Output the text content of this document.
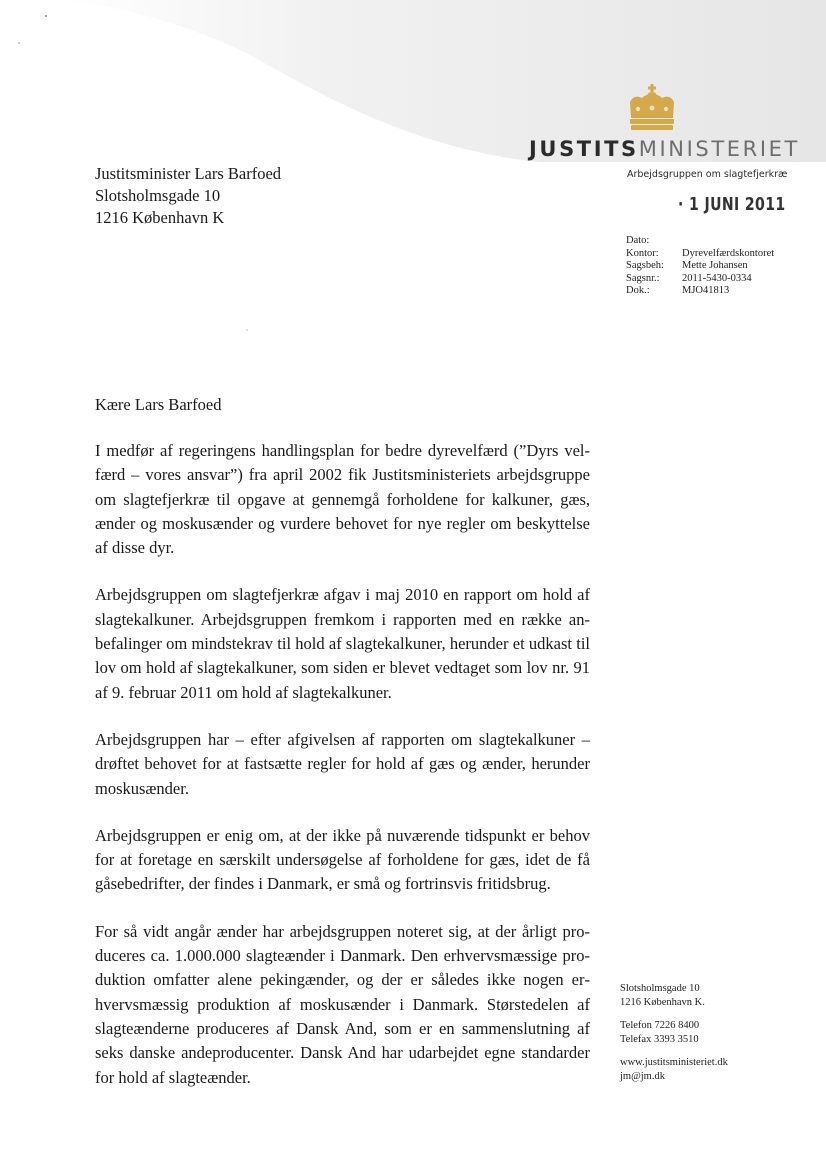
JUSTITSMINISTERIET
Arbejdsgruppen om slagtefjerkræ
· 1 JUNI 2011
Dato:
Kontor:	Dyrevelfærdskontoret
Sagsbeh:	Mette Johansen
Sagsnr.:	2011-5430-0334
Dok.:	MJO41813
Justitsminister Lars Barfoed
Slotsholmsgade 10
1216 København K
Kære Lars Barfoed

I medfør af regeringens handlingsplan for bedre dyrevelfærd (”Dyrs velfærd – vores ansvar”) fra april 2002 fik Justitsministeriets arbejdsgruppe om slagtefjerkræ til opgave at gennemgå forholdene for kalkuner, gæs, ænder og moskusænder og vurdere behovet for nye regler om beskyttelse af disse dyr.

Arbejdsgruppen om slagtefjerkræ afgav i maj 2010 en rapport om hold af slagtekalkuner. Arbejdsgruppen fremkom i rapporten med en række anbefalinger om mindstekrav til hold af slagtekalkuner, herunder et udkast til lov om hold af slagtekalkuner, som siden er blevet vedtaget som lov nr. 91 af 9. februar 2011 om hold af slagtekalkuner.

Arbejdsgruppen har – efter afgivelsen af rapporten om slagtekalkuner – drøftet behovet for at fastsætte regler for hold af gæs og ænder, herunder moskusænder.

Arbejdsgruppen er enig om, at der ikke på nuværende tidspunkt er behov for at foretage en særskilt undersøgelse af forholdene for gæs, idet de få gåsebedrifter, der findes i Danmark, er små og fortrinsvis fritidsbrug.

For så vidt angår ænder har arbejdsgruppen noteret sig, at der årligt produceres ca. 1.000.000 slagteænder i Danmark. Den erhvervsmæssige produktion omfatter alene pekingænder, og der er således ikke nogen erhvervsmæssig produktion af moskusænder i Danmark. Størstedelen af slagteænderne produceres af Dansk And, som er en sammenslutning af seks danske andeproducenter. Dansk And har udarbejdet egne standarder for hold af slagteænder.

Slotsholmsgade 10
1216 København K.
Telefon 7226 8400
Telefax 3393 3510
www.justitsministeriet.dk
jm@jm.dk
